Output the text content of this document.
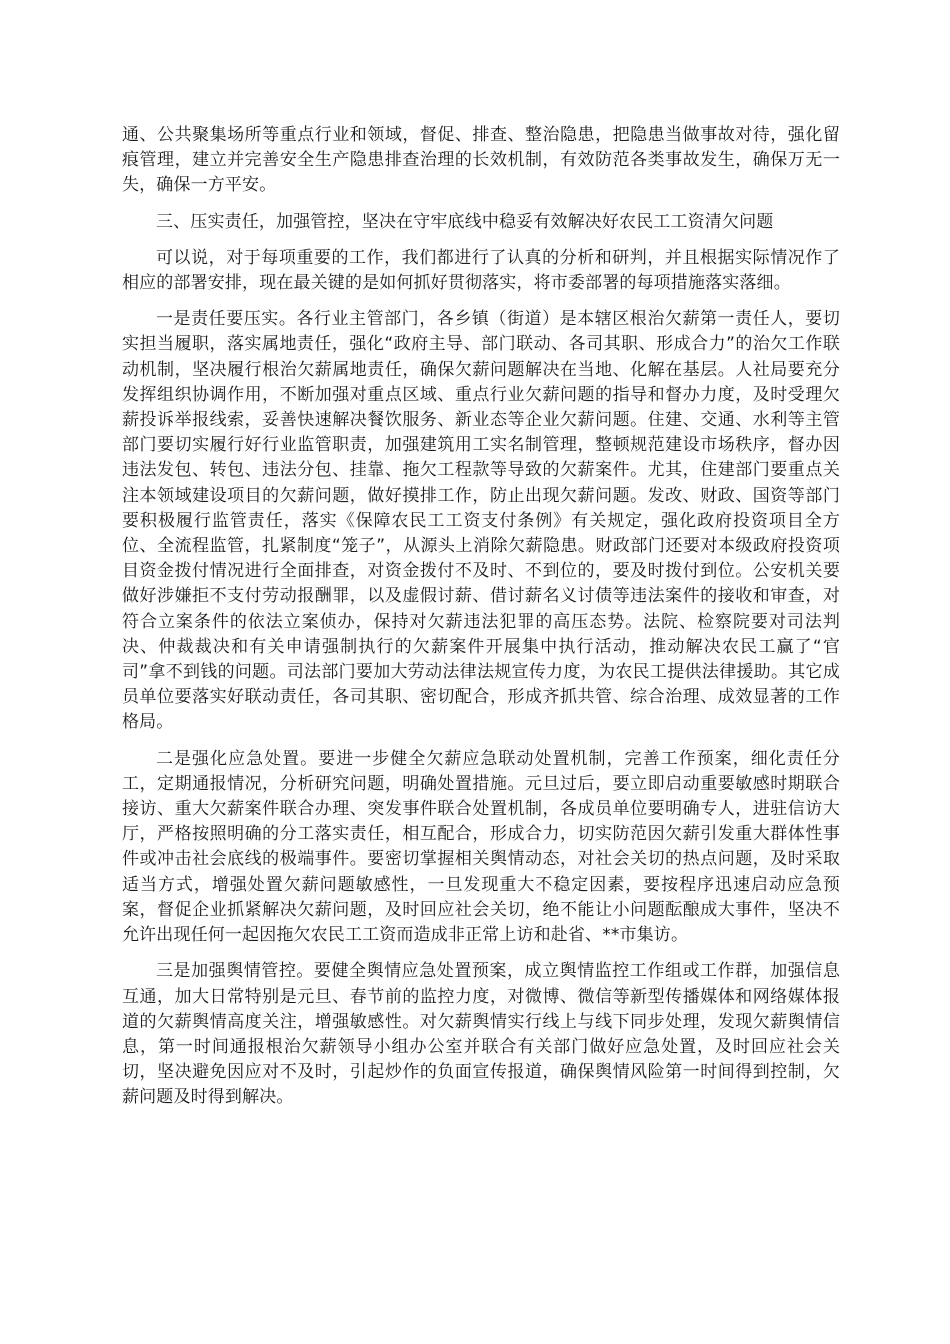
通、公共聚集场所等重点行业和领域，督促、排查、整治隐患，把隐患当做事故对待，强化留痕管理，建立并完善安全生产隐患排查治理的长效机制，有效防范各类事故发生，确保万无一失，确保一方平安。

三、压实责任，加强管控，坚决在守牢底线中稳妥有效解决好农民工工资清欠问题

可以说，对于每项重要的工作，我们都进行了认真的分析和研判，并且根据实际情况作了相应的部署安排，现在最关键的是如何抓好贯彻落实，将市委部署的每项措施落实落细。

一是责任要压实。各行业主管部门，各乡镇（街道）是本辖区根治欠薪第一责任人，要切实担当履职，落实属地责任，强化“政府主导、部门联动、各司其职、形成合力”的治欠工作联动机制，坚决履行根治欠薪属地责任，确保欠薪问题解决在当地、化解在基层。人社局要充分发挥组织协调作用，不断加强对重点区域、重点行业欠薪问题的指导和督办力度，及时受理欠薪投诉举报线索，妥善快速解决餐饮服务、新业态等企业欠薪问题。住建、交通、水利等主管部门要切实履行好行业监管职责，加强建筑用工实名制管理，整顿规范建设市场秩序，督办因违法发包、转包、违法分包、挂靠、拖欠工程款等导致的欠薪案件。尤其，住建部门要重点关注本领域建设项目的欠薪问题，做好摸排工作，防止出现欠薪问题。发改、财政、国资等部门要积极履行监管责任，落实《保障农民工工资支付条例》有关规定，强化政府投资项目全方位、全流程监管，扎紧制度“笼子”，从源头上消除欠薪隐患。财政部门还要对本级政府投资项目资金拨付情况进行全面排查，对资金拨付不及时、不到位的，要及时拨付到位。公安机关要做好涉嫌拒不支付劳动报酬罪，以及虚假讨薪、借讨薪名义讨债等违法案件的接收和审查，对符合立案条件的依法立案侦办，保持对欠薪违法犯罪的高压态势。法院、检察院要对司法判决、仲裁裁决和有关申请强制执行的欠薪案件开展集中执行活动，推动解决农民工赢了“官司”拿不到钱的问题。司法部门要加大劳动法律法规宣传力度，为农民工提供法律援助。其它成员单位要落实好联动责任，各司其职、密切配合，形成齐抓共管、综合治理、成效显著的工作格局。

二是强化应急处置。要进一步健全欠薪应急联动处置机制，完善工作预案，细化责任分工，定期通报情况，分析研究问题，明确处置措施。元旦过后，要立即启动重要敏感时期联合接访、重大欠薪案件联合办理、突发事件联合处置机制，各成员单位要明确专人，进驻信访大厅，严格按照明确的分工落实责任，相互配合，形成合力，切实防范因欠薪引发重大群体性事件或冲击社会底线的极端事件。要密切掌握相关舆情动态，对社会关切的热点问题，及时采取适当方式，增强处置欠薪问题敏感性，一旦发现重大不稳定因素，要按程序迅速启动应急预案，督促企业抓紧解决欠薪问题，及时回应社会关切，绝不能让小问题酝酿成大事件，坚决不允许出现任何一起因拖欠农民工工资而造成非正常上访和赴省、**市集访。

三是加强舆情管控。要健全舆情应急处置预案，成立舆情监控工作组或工作群，加强信息互通，加大日常特别是元旦、春节前的监控力度，对微博、微信等新型传播媒体和网络媒体报道的欠薪舆情高度关注，增强敏感性。对欠薪舆情实行线上与线下同步处理，发现欠薪舆情信息，第一时间通报根治欠薪领导小组办公室并联合有关部门做好应急处置，及时回应社会关切，坚决避免因应对不及时，引起炒作的负面宣传报道，确保舆情风险第一时间得到控制，欠薪问题及时得到解决。
